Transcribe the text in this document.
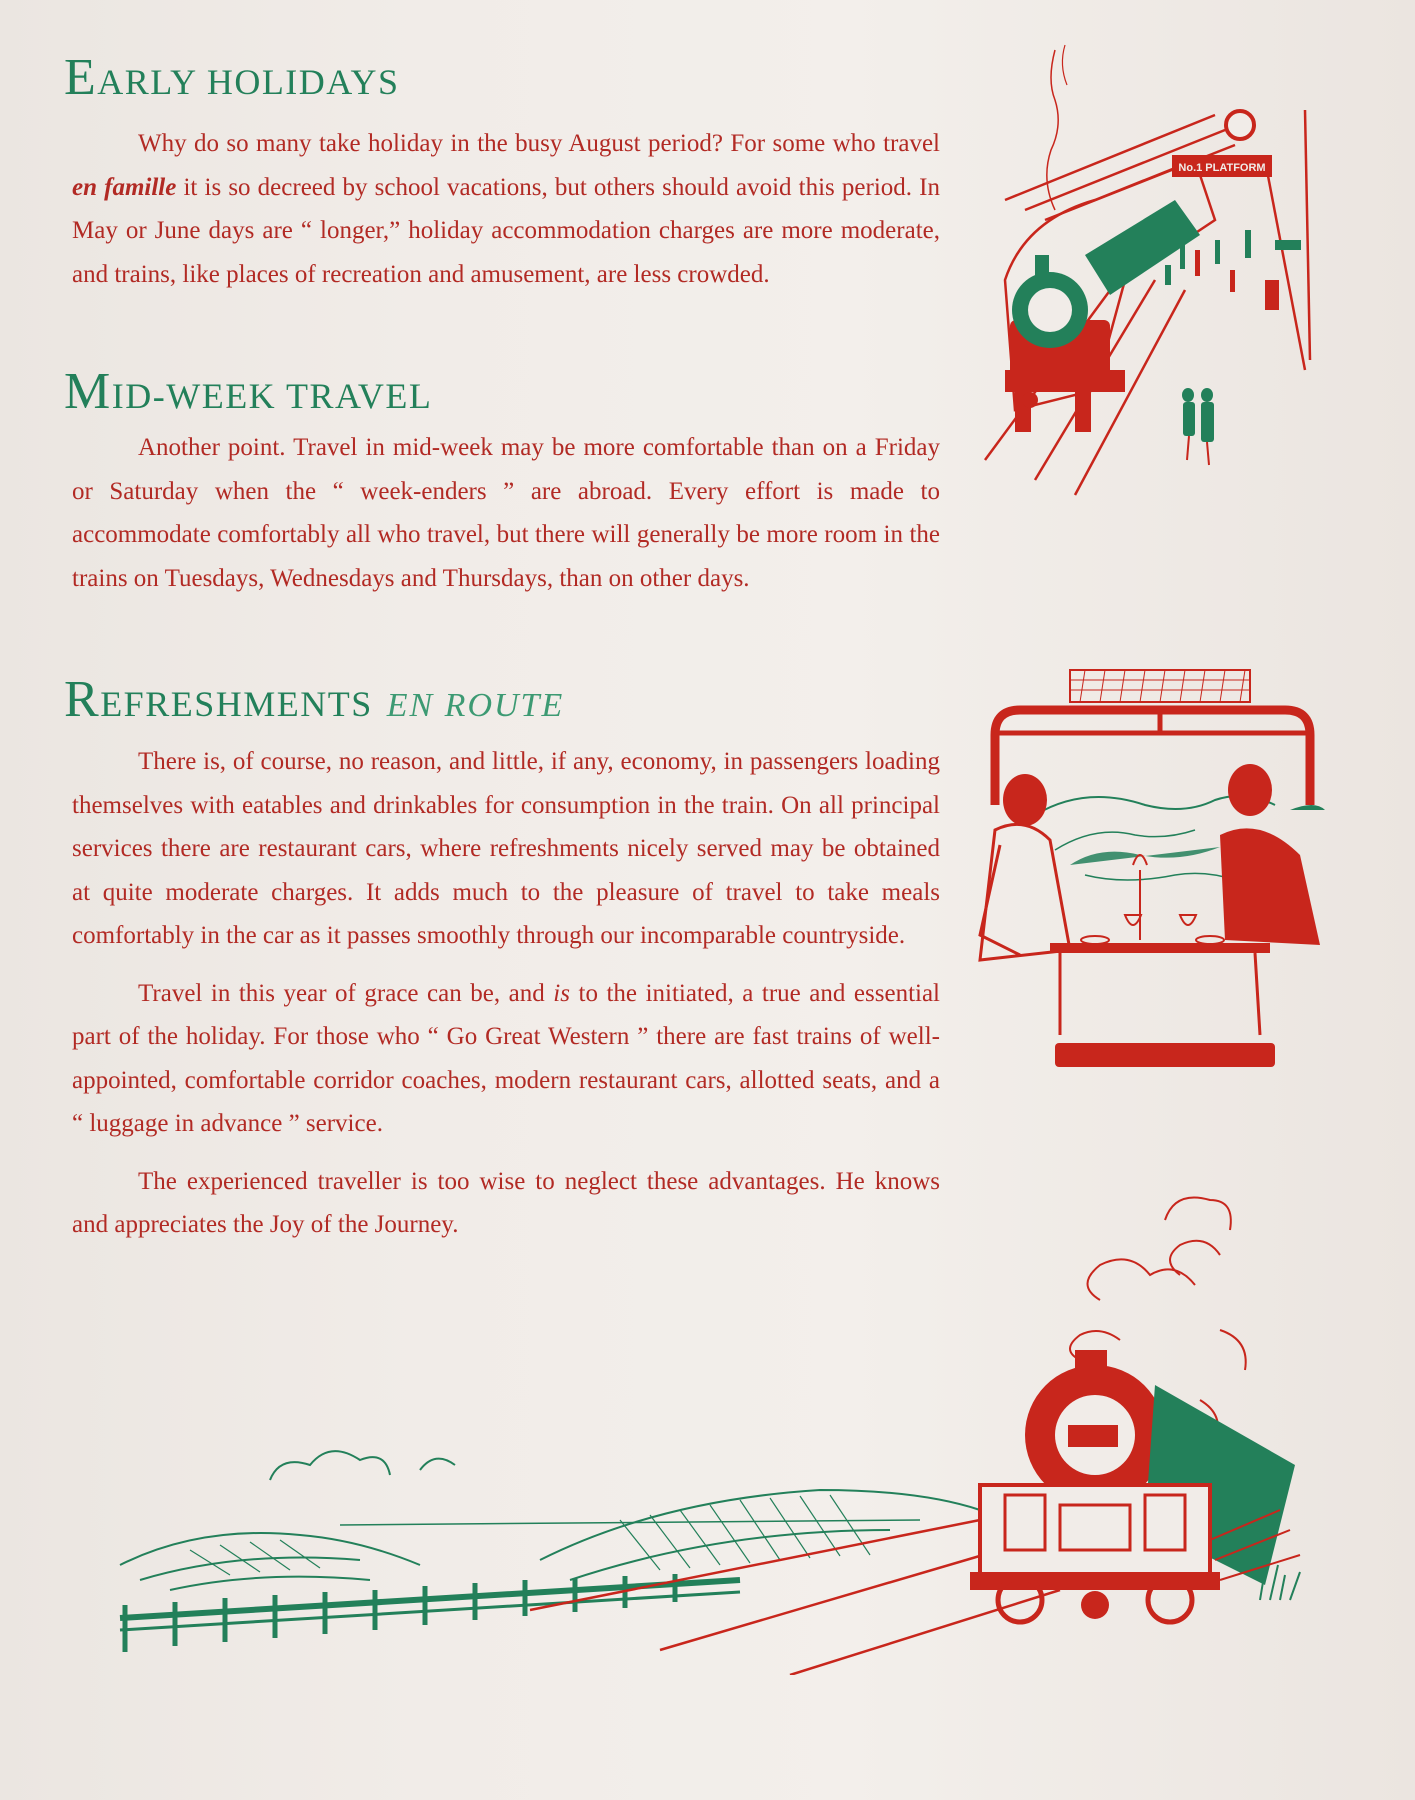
EARLY HOLIDAYS

Why do so many take holiday in the busy August period? For some who travel en famille it is so decreed by school vacations, but others should avoid this period. In May or June days are “ longer,” holiday accommodation charges are more moderate, and trains, like places of recreation and amusement, are less crowded.

MID-WEEK TRAVEL

Another point. Travel in mid-week may be more comfortable than on a Friday or Saturday when the “ week-enders ” are abroad. Every effort is made to accommodate comfortably all who travel, but there will generally be more room in the trains on Tuesdays, Wednesdays and Thursdays, than on other days.

REFRESHMENTS EN ROUTE

There is, of course, no reason, and little, if any, economy, in passengers loading themselves with eatables and drinkables for consumption in the train. On all principal services there are restaurant cars, where refreshments nicely served may be obtained at quite moderate charges. It adds much to the pleasure of travel to take meals comfortably in the car as it passes smoothly through our incomparable countryside.

Travel in this year of grace can be, and is to the initiated, a true and essential part of the holiday. For those who “ Go Great Western ” there are fast trains of well-appointed, comfortable corridor coaches, modern restaurant cars, allotted seats, and a “ luggage in advance ” service.

The experienced traveller is too wise to neglect these advantages. He knows and appreciates the Joy of the Journey.

No.1 PLATFORM
